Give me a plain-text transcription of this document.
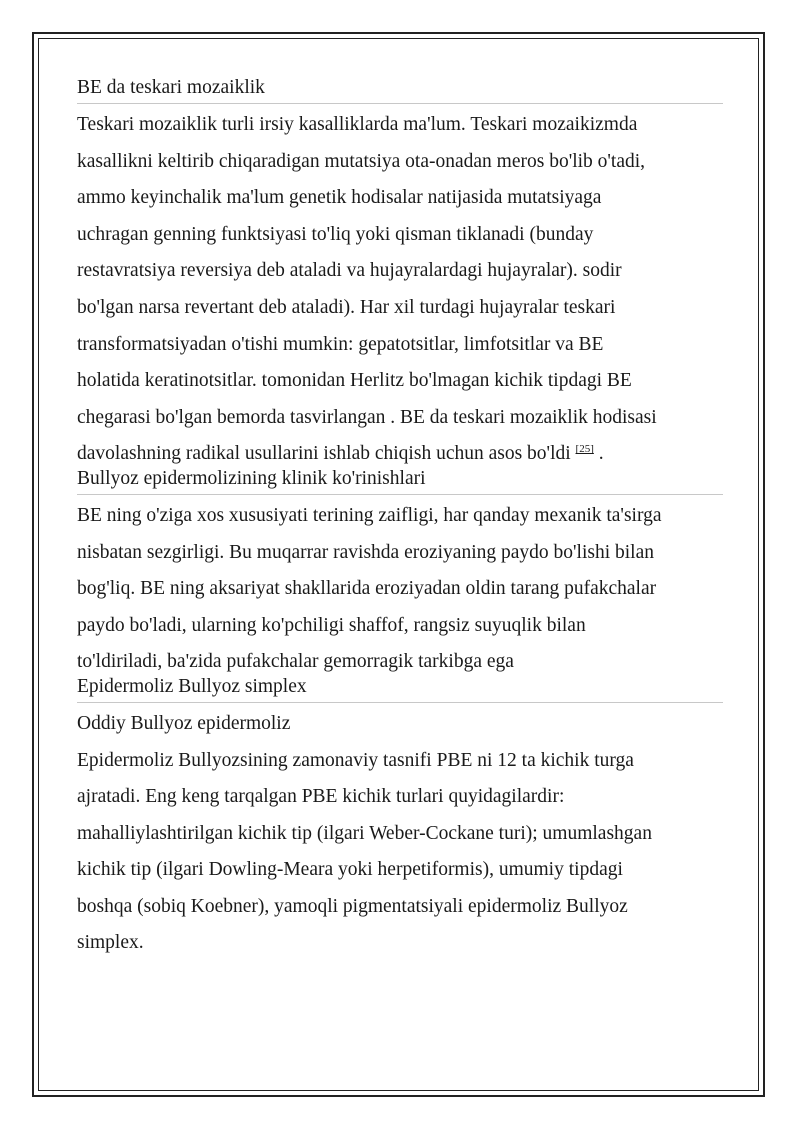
BE da teskari mozaiklik
Teskari mozaiklik turli irsiy kasalliklarda ma'lum. Teskari mozaikizmda
kasallikni keltirib chiqaradigan mutatsiya ota-onadan meros bo'lib o'tadi,
ammo keyinchalik ma'lum genetik hodisalar natijasida mutatsiyaga
uchragan genning funktsiyasi to'liq yoki qisman tiklanadi (bunday
restavratsiya reversiya deb ataladi va hujayralardagi hujayralar). sodir
bo'lgan narsa revertant deb ataladi). Har xil turdagi hujayralar teskari
transformatsiyadan o'tishi mumkin: gepatotsitlar, limfotsitlar va BE
holatida keratinotsitlar. tomonidan Herlitz bo'lmagan kichik tipdagi BE
chegarasi bo'lgan bemorda tasvirlangan . BE da teskari mozaiklik hodisasi
davolashning radikal usullarini ishlab chiqish uchun asos bo'ldi [25] .
Bullyoz epidermolizining klinik ko'rinishlari
BE ning o'ziga xos xususiyati terining zaifligi, har qanday mexanik ta'sirga
nisbatan sezgirligi. Bu muqarrar ravishda eroziyaning paydo bo'lishi bilan
bog'liq. BE ning aksariyat shakllarida eroziyadan oldin tarang pufakchalar
paydo bo'ladi, ularning ko'pchiligi shaffof, rangsiz suyuqlik bilan
to'ldiriladi, ba'zida pufakchalar gemorragik tarkibga ega
Epidermoliz Bullyoz simplex
Oddiy Bullyoz epidermoliz
Epidermoliz Bullyozsining zamonaviy tasnifi PBE ni 12 ta kichik turga
ajratadi. Eng keng tarqalgan PBE kichik turlari quyidagilardir:
mahalliylashtirilgan kichik tip (ilgari Weber-Cockane turi); umumlashgan
kichik tip (ilgari Dowling-Meara yoki herpetiformis), umumiy tipdagi
boshqa (sobiq Koebner), yamoqli pigmentatsiyali epidermoliz Bullyoz
simplex.
